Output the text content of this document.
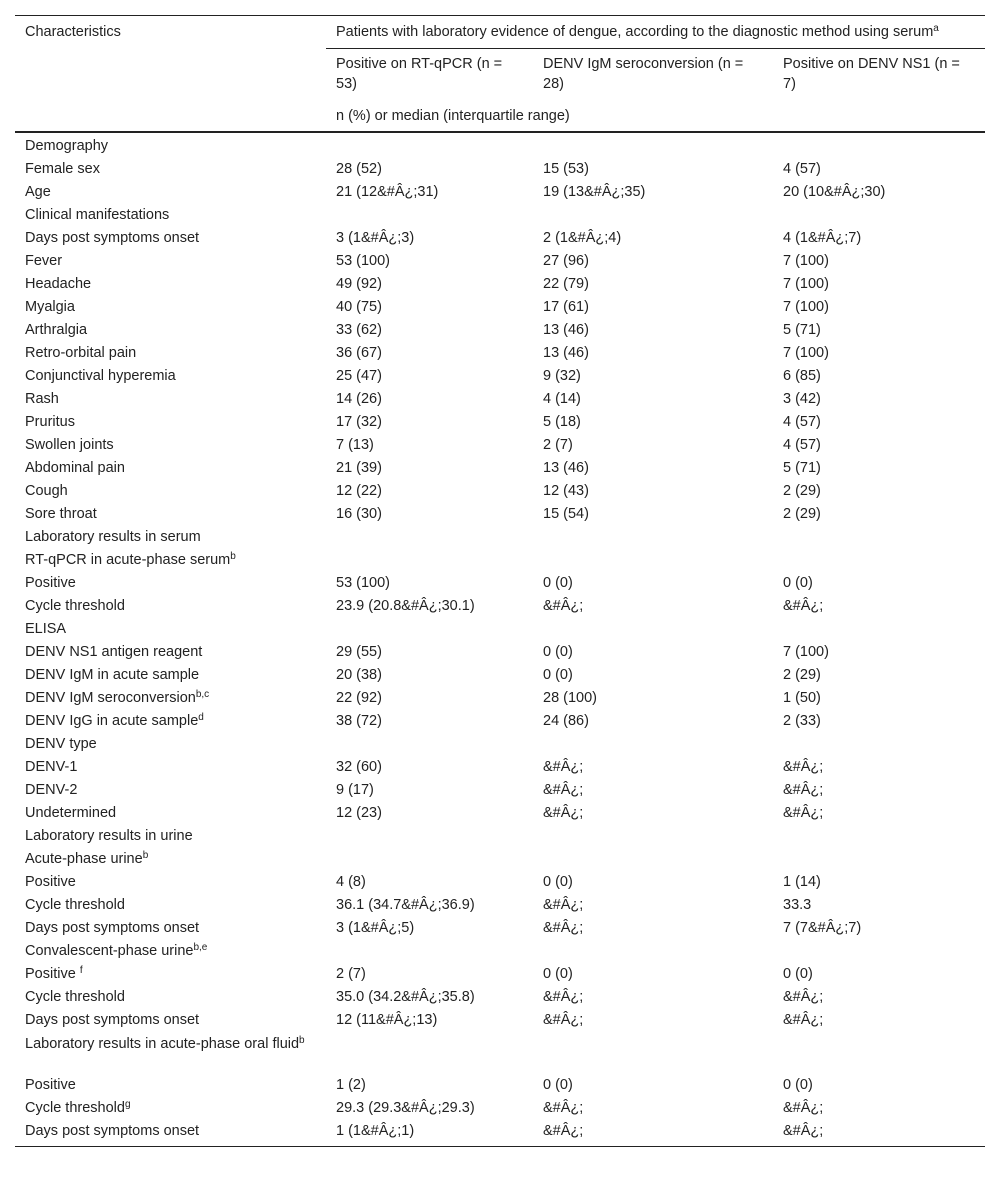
Characteristics	Patients with laboratory evidence of dengue, according to the diagnostic method using serum$^a$
	Positive on RT-qPCR (n = 53)	DENV IgM seroconversion (n = 28)	Positive on DENV NS1 (n = 7)
	n (%) or median (interquartile range)		
Demography			
Female sex	28 (52)	15 (53)	4 (57)
Age	21 (12&#Â¿;31)	19 (13&#Â¿;35)	20 (10&#Â¿;30)
Clinical manifestations			
Days post symptoms onset	3 (1&#Â¿;3)	2 (1&#Â¿;4)	4 (1&#Â¿;7)
Fever	53 (100)	27 (96)	7 (100)
Headache	49 (92)	22 (79)	7 (100)
Myalgia	40 (75)	17 (61)	7 (100)
Arthralgia	33 (62)	13 (46)	5 (71)
Retro-orbital pain	36 (67)	13 (46)	7 (100)
Conjunctival hyperemia	25 (47)	9 (32)	6 (85)
Rash	14 (26)	4 (14)	3 (42)
Pruritus	17 (32)	5 (18)	4 (57)
Swollen joints	7 (13)	2 (7)	4 (57)
Abdominal pain	21 (39)	13 (46)	5 (71)
Cough	12 (22)	12 (43)	2 (29)
Sore throat	16 (30)	15 (54)	2 (29)
Laboratory results in serum			
RT-qPCR in acute-phase serum$^b$			
Positive	53 (100)	0 (0)	0 (0)
Cycle threshold	23.9 (20.8&#Â¿;30.1)	&#Â¿;	&#Â¿;
ELISA			
DENV NS1 antigen reagent	29 (55)	0 (0)	7 (100)
DENV IgM in acute sample	20 (38)	0 (0)	2 (29)
DENV IgM seroconversion$^{b,c}$	22 (92)	28 (100)	1 (50)
DENV IgG in acute sample$^d$	38 (72)	24 (86)	2 (33)
DENV type			
DENV-1	32 (60)	&#Â¿;	&#Â¿;
DENV-2	9 (17)	&#Â¿;	&#Â¿;
Undetermined	12 (23)	&#Â¿;	&#Â¿;
Laboratory results in urine			
Acute-phase urine$^b$			
Positive	4 (8)	0 (0)	1 (14)
Cycle threshold	36.1 (34.7&#Â¿;36.9)	&#Â¿;	33.3
Days post symptoms onset	3 (1&#Â¿;5)	&#Â¿;	7 (7&#Â¿;7)
Convalescent-phase urine$^{b,e}$			
Positive $^f$	2 (7)	0 (0)	0 (0)
Cycle threshold	35.0 (34.2&#Â¿;35.8)	&#Â¿;	&#Â¿;
Days post symptoms onset	12 (11&#Â¿;13)	&#Â¿;	&#Â¿;
Laboratory results in acute-phase oral fluid$^b$			
Positive	1 (2)	0 (0)	0 (0)
Cycle threshold$^g$	29.3 (29.3&#Â¿;29.3)	&#Â¿;	&#Â¿;
Days post symptoms onset	1 (1&#Â¿;1)	&#Â¿;	&#Â¿;
